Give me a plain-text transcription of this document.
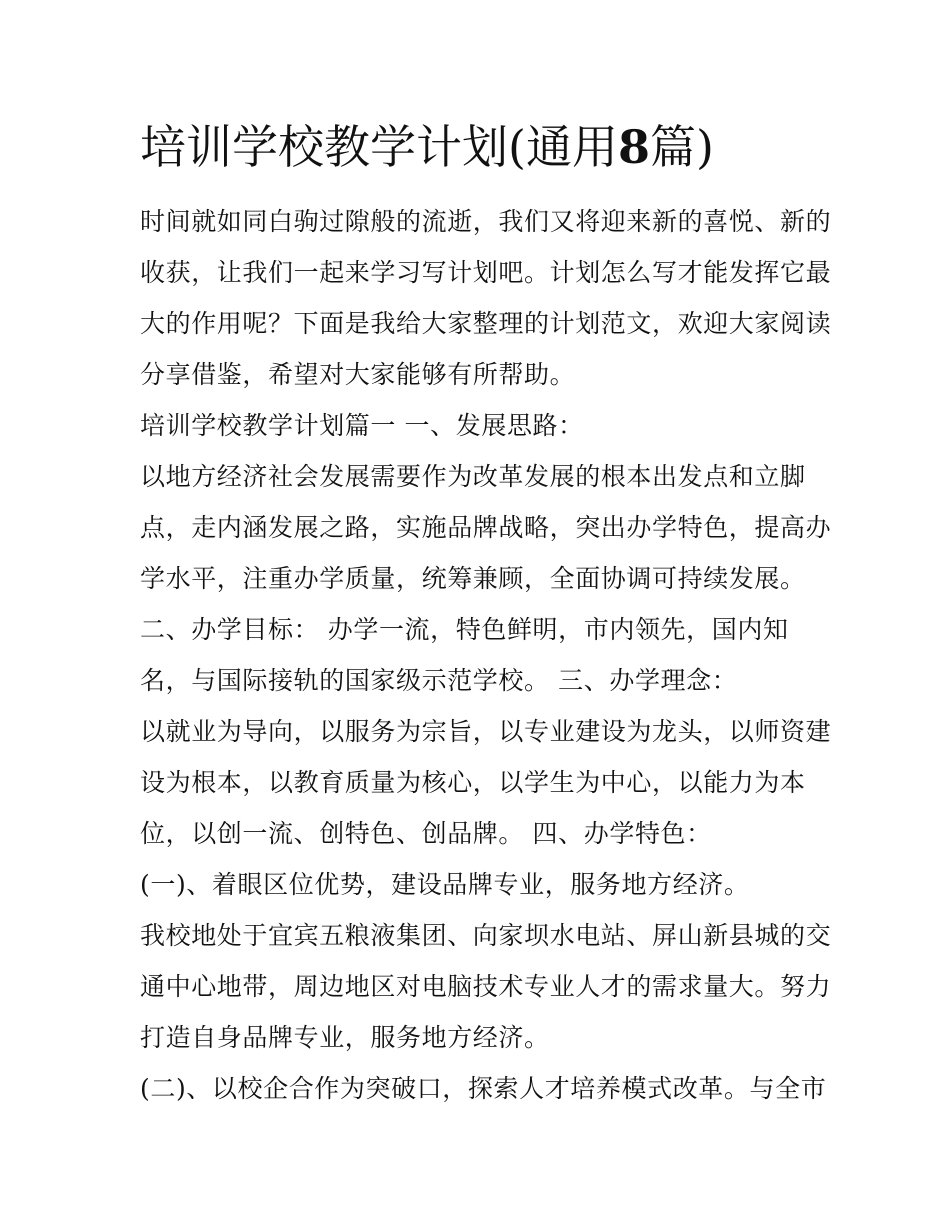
培训学校教学计划(通用8篇)
时间就如同白驹过隙般的流逝，我们又将迎来新的喜悦、新的
收获，让我们一起来学习写计划吧。计划怎么写才能发挥它最
大的作用呢？下面是我给大家整理的计划范文，欢迎大家阅读
分享借鉴，希望对大家能够有所帮助。
培训学校教学计划篇一 一、发展思路：
以地方经济社会发展需要作为改革发展的根本出发点和立脚
点，走内涵发展之路，实施品牌战略，突出办学特色，提高办
学水平，注重办学质量，统筹兼顾，全面协调可持续发展。
二、办学目标： 办学一流，特色鲜明，市内领先，国内知
名，与国际接轨的国家级示范学校。 三、办学理念：
以就业为导向，以服务为宗旨，以专业建设为龙头，以师资建
设为根本，以教育质量为核心，以学生为中心，以能力为本
位，以创一流、创特色、创品牌。 四、办学特色：
(一)、着眼区位优势，建设品牌专业，服务地方经济。
我校地处于宜宾五粮液集团、向家坝水电站、屏山新县城的交
通中心地带，周边地区对电脑技术专业人才的需求量大。努力
打造自身品牌专业，服务地方经济。
(二)、以校企合作为突破口，探索人才培养模式改革。与全市
